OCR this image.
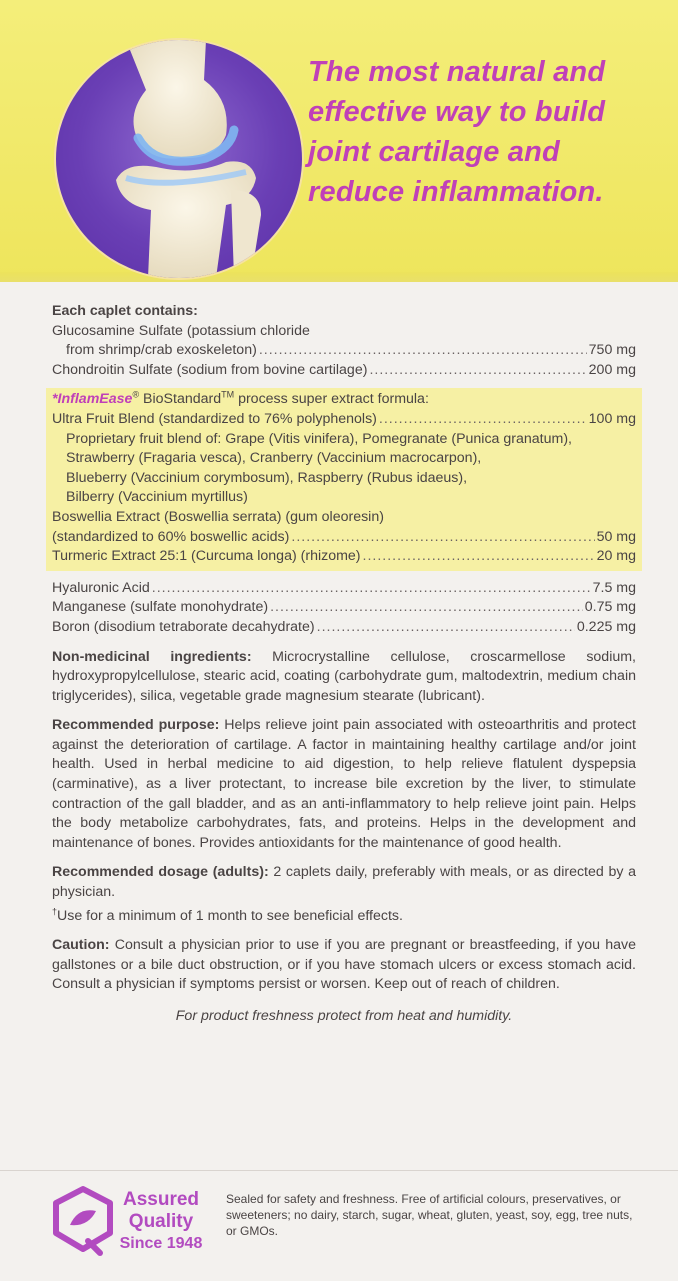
The most natural and
effective way to build
joint cartilage and
reduce inflammation.
Each caplet contains:
Glucosamine Sulfate (potassium chloride
from shrimp/crab exoskeleton) .....	750 mg
Chondroitin Sulfate (sodium from bovine cartilage) .....	200 mg
*InflamEase® BioStandard™ process super extract formula:
Ultra Fruit Blend (standardized to 76% polyphenols) .....	100 mg
Proprietary fruit blend of: Grape (Vitis vinifera), Pomegranate (Punica granatum),
Strawberry (Fragaria vesca), Cranberry (Vaccinium macrocarpon),
Blueberry (Vaccinium corymbosum), Raspberry (Rubus idaeus),
Bilberry (Vaccinium myrtillus)
Boswellia Extract (Boswellia serrata) (gum oleoresin)
(standardized to 60% boswellic acids) .....	50 mg
Turmeric Extract 25:1 (Curcuma longa) (rhizome) .....	20 mg
Hyaluronic Acid .....	7.5 mg
Manganese (sulfate monohydrate) .....	0.75 mg
Boron (disodium tetraborate decahydrate) .....	0.225 mg
Non-medicinal ingredients: Microcrystalline cellulose, croscarmellose sodium, hydroxypropylcellulose, stearic acid, coating (carbohydrate gum, maltodextrin, medium chain triglycerides), silica, vegetable grade magnesium stearate (lubricant).
Recommended purpose: Helps relieve joint pain associated with osteoarthritis and protect against the deterioration of cartilage. A factor in maintaining healthy cartilage and/or joint health. Used in herbal medicine to aid digestion, to help relieve flatulent dyspepsia (carminative), as a liver protectant, to increase bile excretion by the liver, to stimulate contraction of the gall bladder, and as an anti-inflammatory to help relieve joint pain. Helps the body metabolize carbohydrates, fats, and proteins. Helps in the development and maintenance of bones. Provides antioxidants for the maintenance of good health.
Recommended dosage (adults): 2 caplets daily, preferably with meals, or as directed by a physician.
†Use for a minimum of 1 month to see beneficial effects.
Caution: Consult a physician prior to use if you are pregnant or breastfeeding, if you have gallstones or a bile duct obstruction, or if you have stomach ulcers or excess stomach acid. Consult a physician if symptoms persist or worsen. Keep out of reach of children.
For product freshness protect from heat and humidity.
Assured
Quality
Since 1948
Sealed for safety and freshness. Free of artificial colours, preservatives, or sweeteners; no dairy, starch, sugar, wheat, gluten, yeast, soy, egg, tree nuts, or GMOs.
